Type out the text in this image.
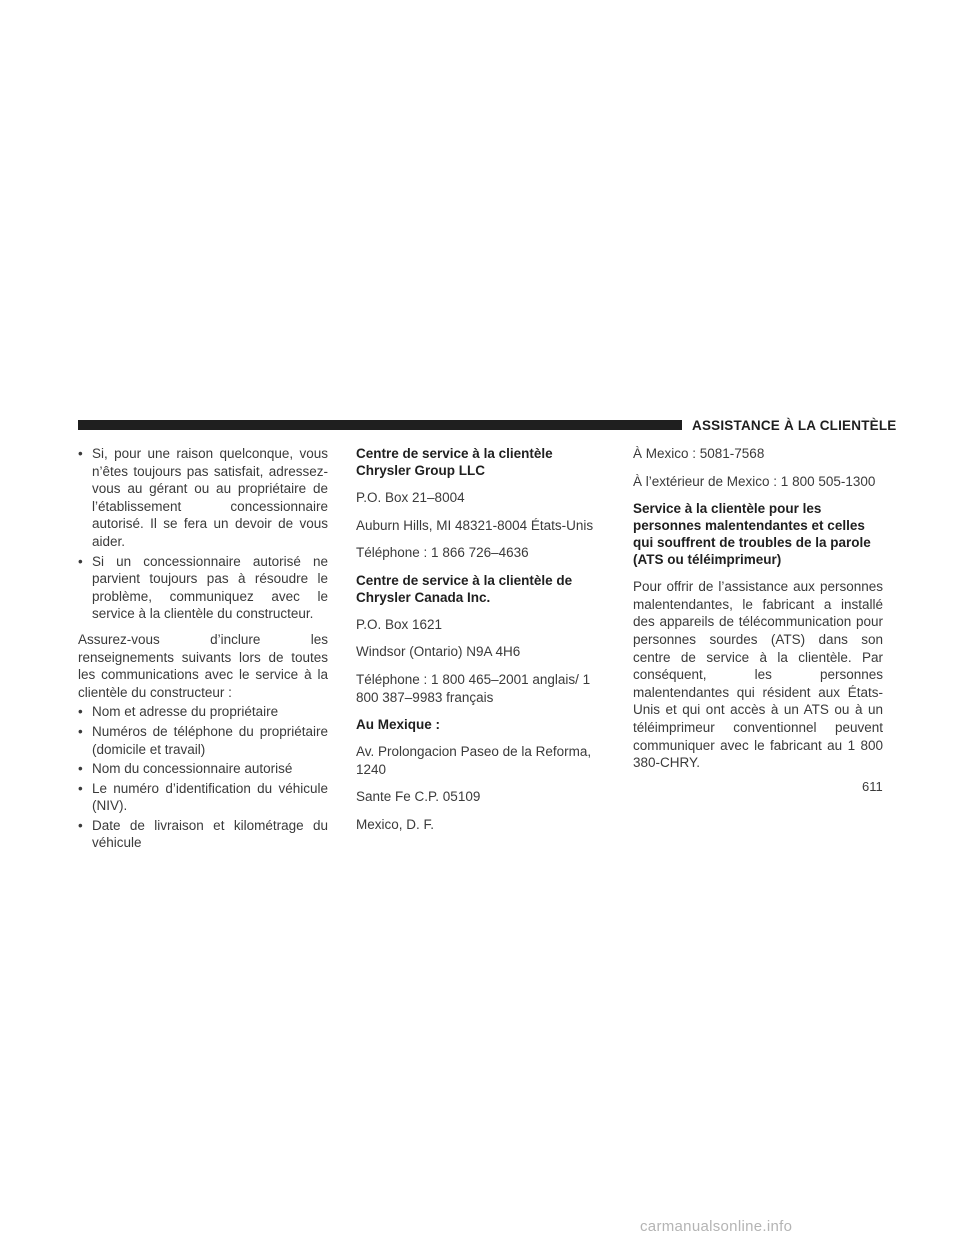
ASSISTANCE À LA CLIENTÈLE
• Si, pour une raison quelconque, vous n’êtes toujours pas satisfait, adressez-vous au gérant ou au propriétaire de l’établissement concessionnaire autorisé. Il se fera un devoir de vous aider.
• Si un concessionnaire autorisé ne parvient toujours pas à résoudre le problème, communiquez avec le service à la clientèle du constructeur.

Assurez-vous d’inclure les renseignements suivants lors de toutes les communications avec le service à la clientèle du constructeur :

• Nom et adresse du propriétaire
• Numéros de téléphone du propriétaire (domicile et travail)
• Nom du concessionnaire autorisé
• Le numéro d’identification du véhicule (NIV).
• Date de livraison et kilométrage du véhicule
Centre de service à la clientèle Chrysler Group LLC

P.O. Box 21–8004

Auburn Hills, MI 48321-8004 États-Unis

Téléphone : 1 866 726–4636

Centre de service à la clientèle de Chrysler Canada Inc.

P.O. Box 1621

Windsor (Ontario) N9A 4H6

Téléphone : 1 800 465–2001 anglais/ 1 800 387–9983 français

Au Mexique :

Av. Prolongacion Paseo de la Reforma, 1240

Sante Fe C.P. 05109

Mexico, D. F.

À Mexico : 5081-7568

À l’extérieur de Mexico : 1 800 505-1300

Service à la clientèle pour les personnes malentendantes et celles qui souffrent de troubles de la parole (ATS ou téléimprimeur)

Pour offrir de l’assistance aux personnes malentendantes, le fabricant a installé des appareils de télécommunication pour personnes sourdes (ATS) dans son centre de service à la clientèle. Par conséquent, les personnes malentendantes qui résident aux États-Unis et qui ont accès à un ATS ou à un téléimprimeur conventionnel peuvent communiquer avec le fabricant au 1 800 380-CHRY.

611
carmanualsonline.info
